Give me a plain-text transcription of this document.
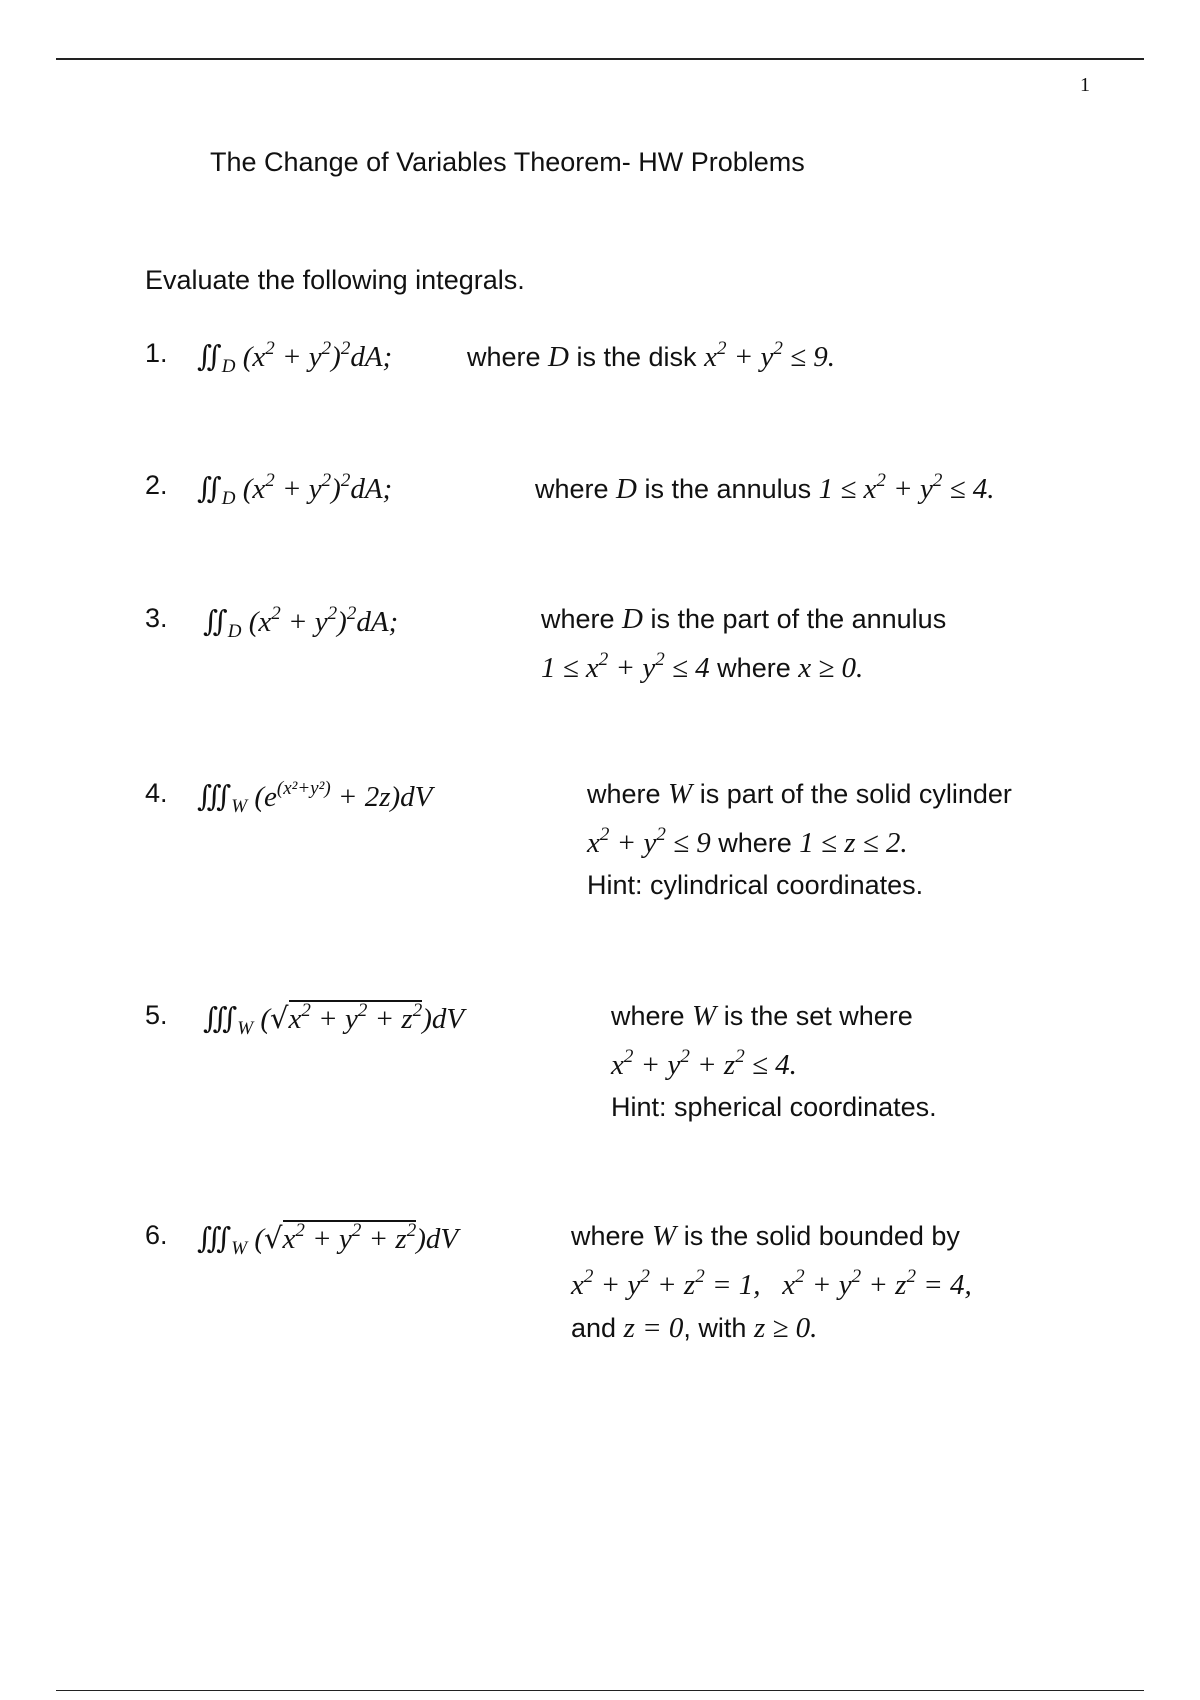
1
The Change of Variables Theorem- HW Problems
Evaluate the following integrals.
1. $∬_D$ $(x^2 + y^2)^2dA$;	where D is the disk $x^2 + y^2 \le 9$.
2. $∬_D$ $(x^2 + y^2)^2dA$;	where D is the annulus $1 \le x^2 + y^2 \le 4$.
3. $∬_D$ $(x^2 + y^2)^2dA$;	where D is the part of the annulus
$1 \le x^2 + y^2 \le 4$ where x ≥ 0.
4. $∭_W$ $(e^{(x^2+y^2)} + 2z)dV$	where W is part of the solid cylinder
$x^2 + y^2 \le 9$ where 1 ≤ z ≤ 2.
Hint: cylindrical coordinates.
5. $∭_W$ $(√x^2 + y^2 + z^2)dV$	where W is the set where
$x^2 + y^2 + z^2 \le 4$.
Hint: spherical coordinates.
6. $∭_W$ $(√x^2 + y^2 + z^2)dV$	where W is the solid bounded by
$x^2 + y^2 + z^2 = 1$,   $x^2 + y^2 + z^2 = 4$,
and z = 0, with z ≥ 0.
